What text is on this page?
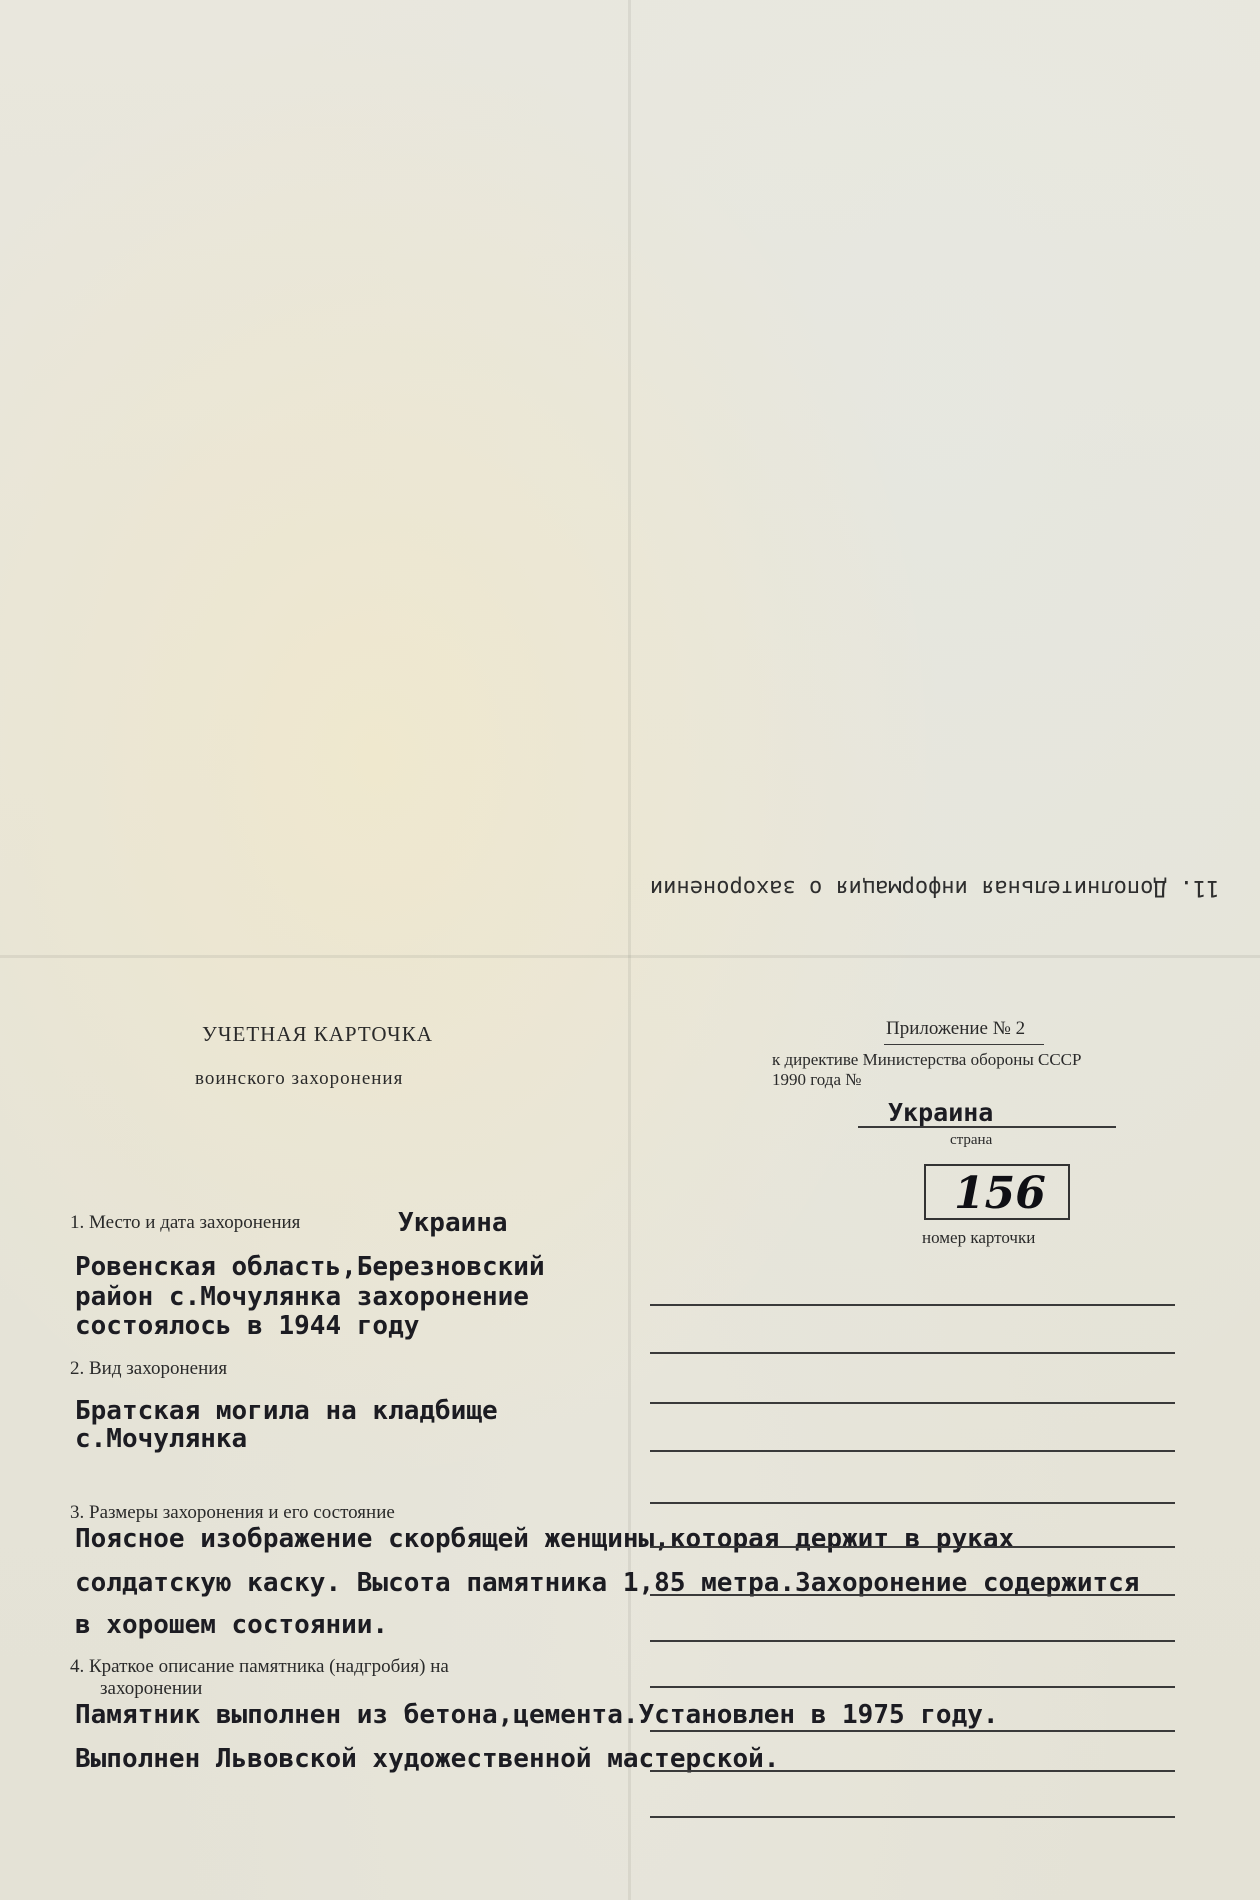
11. Дополнительная информация о захоронении
УЧЕТНАЯ КАРТОЧКА
воинского захоронения
Приложение № 2
к директиве Министерства обороны СССР
1990 года №
Украина
страна
156
номер карточки
1. Место и дата захоронения	Украина
Ровенская область,Березновский
район с.Мочулянка захоронение
состоялось в 1944 году
2. Вид захоронения
Братская могила на кладбище
с.Мочулянка
3. Размеры захоронения и его состояние
Поясное изображение скорбящей женщины,которая держит в руках
солдатскую каску. Высота памятника 1,85 метра.Захоронение содержится
в хорошем состоянии.
4. Краткое описание памятника (надгробия) на
захоронении
Памятник выполнен из бетона,цемента.Установлен в 1975 году.
Выполнен Львовской художественной мастерской.
